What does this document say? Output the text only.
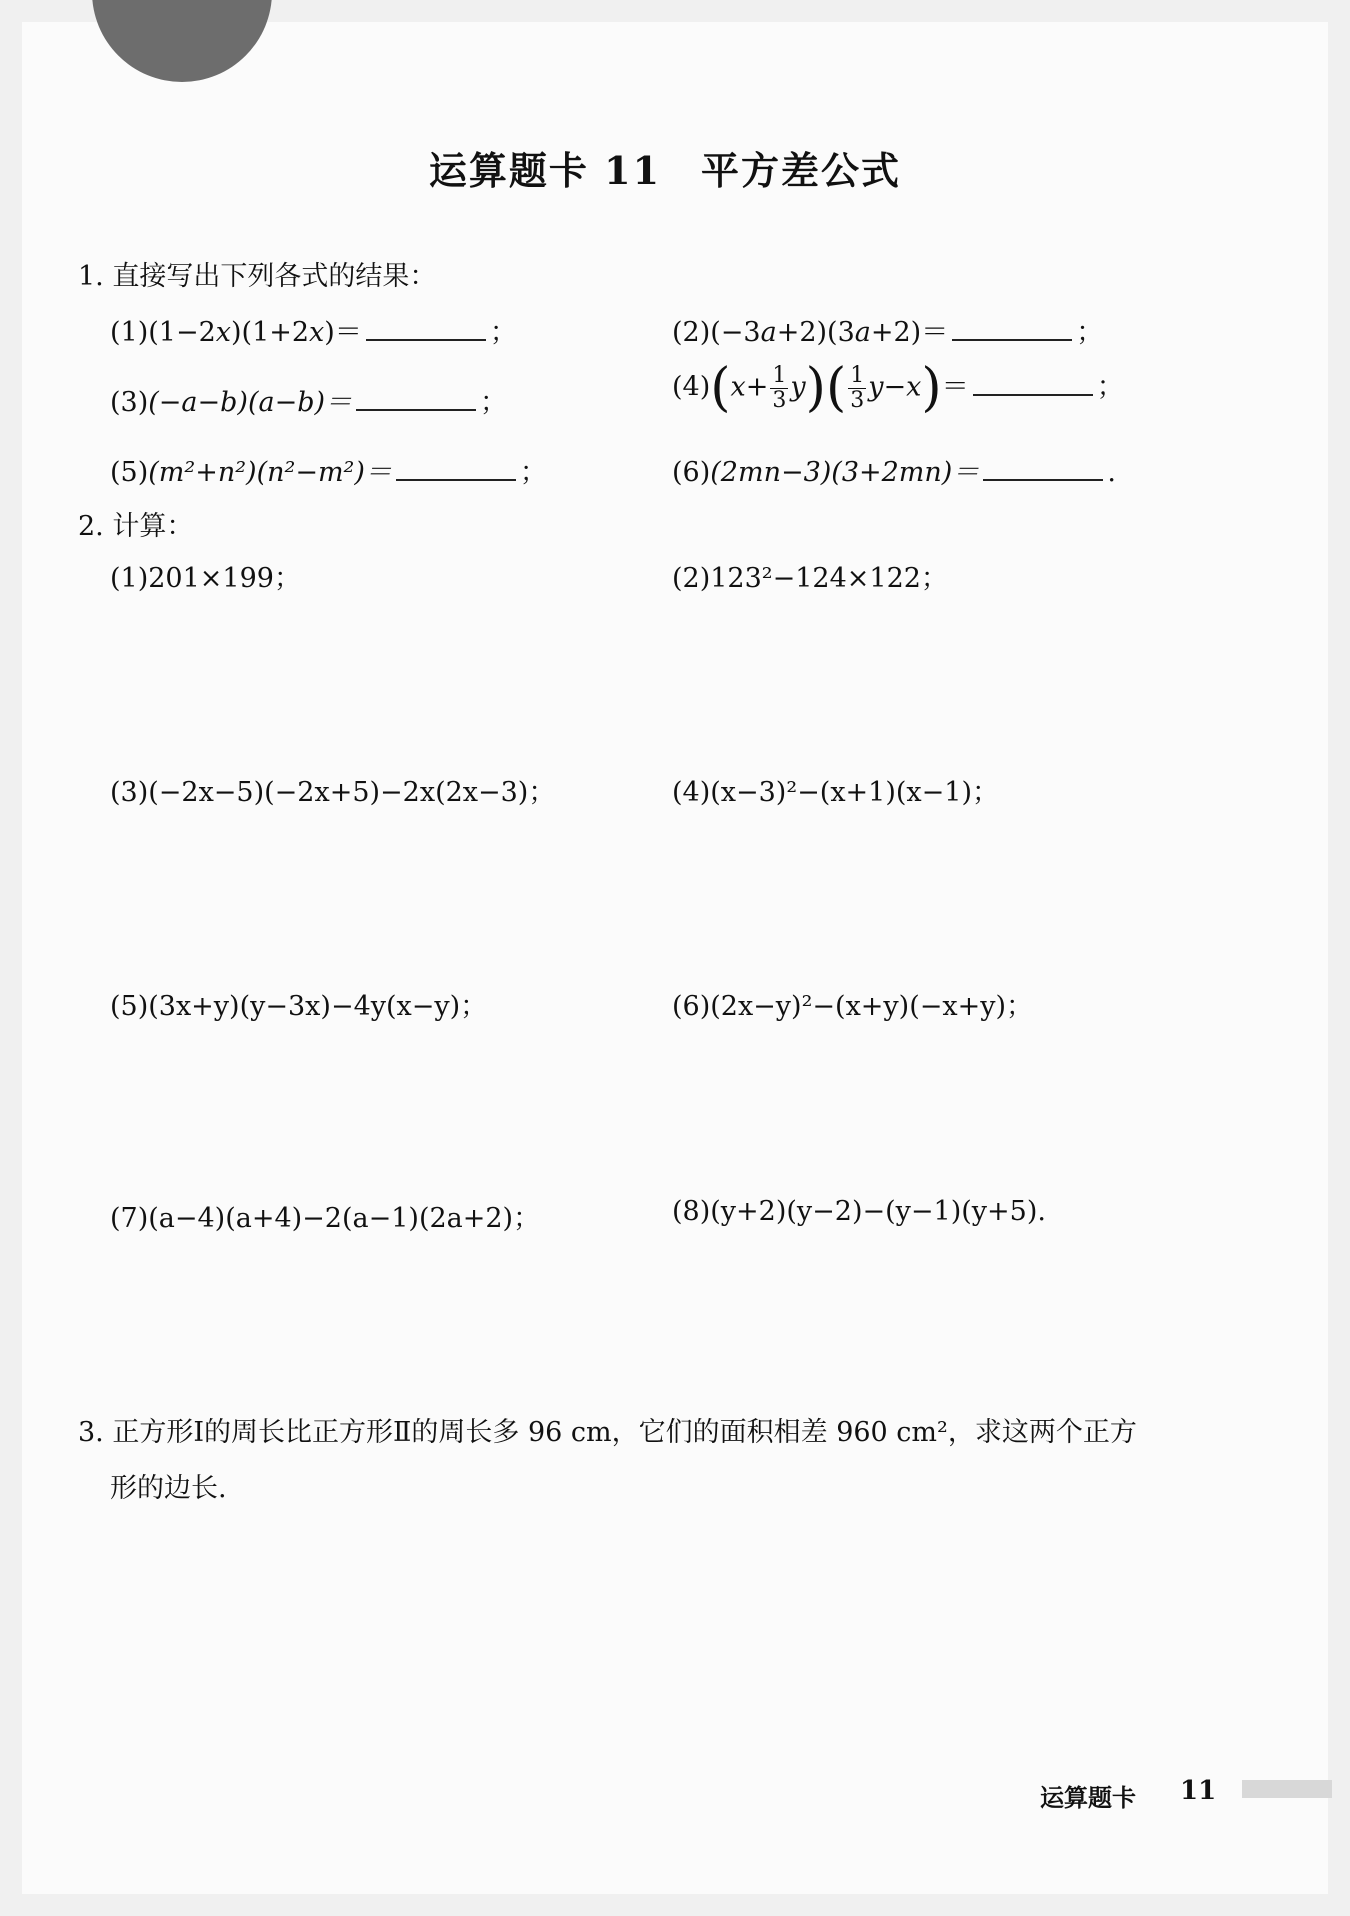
运算题卡 11 平方差公式
1. 直接写出下列各式的结果：
(1)(1−2x)(1+2x)＝	；	(2)(−3a+2)(3a+2)＝	；
(3)(−a−b)(a−b)＝	；	$(4)(x+ \frac{1}{3} y)( \frac{1}{3} y-x)=$	；
(5)(m²+n²)(n²−m²)＝	；	(6)(2mn−3)(3+2mn)＝	.
2. 计算：
(1)201×199；	(2)123²−124×122；
(3)(−2x−5)(−2x+5)−2x(2x−3)；	(4)(x−3)²−(x+1)(x−1)；
(5)(3x+y)(y−3x)−4y(x−y)；	(6)(2x−y)²−(x+y)(−x+y)；
(7)(a−4)(a+4)−2(a−1)(2a+2)；	(8)(y+2)(y−2)−(y−1)(y+5).
3. 正方形Ⅰ的周长比正方形Ⅱ的周长多 96 cm，它们的面积相差 960 cm²，求这两个正方
形的边长.
运算题卡 11
